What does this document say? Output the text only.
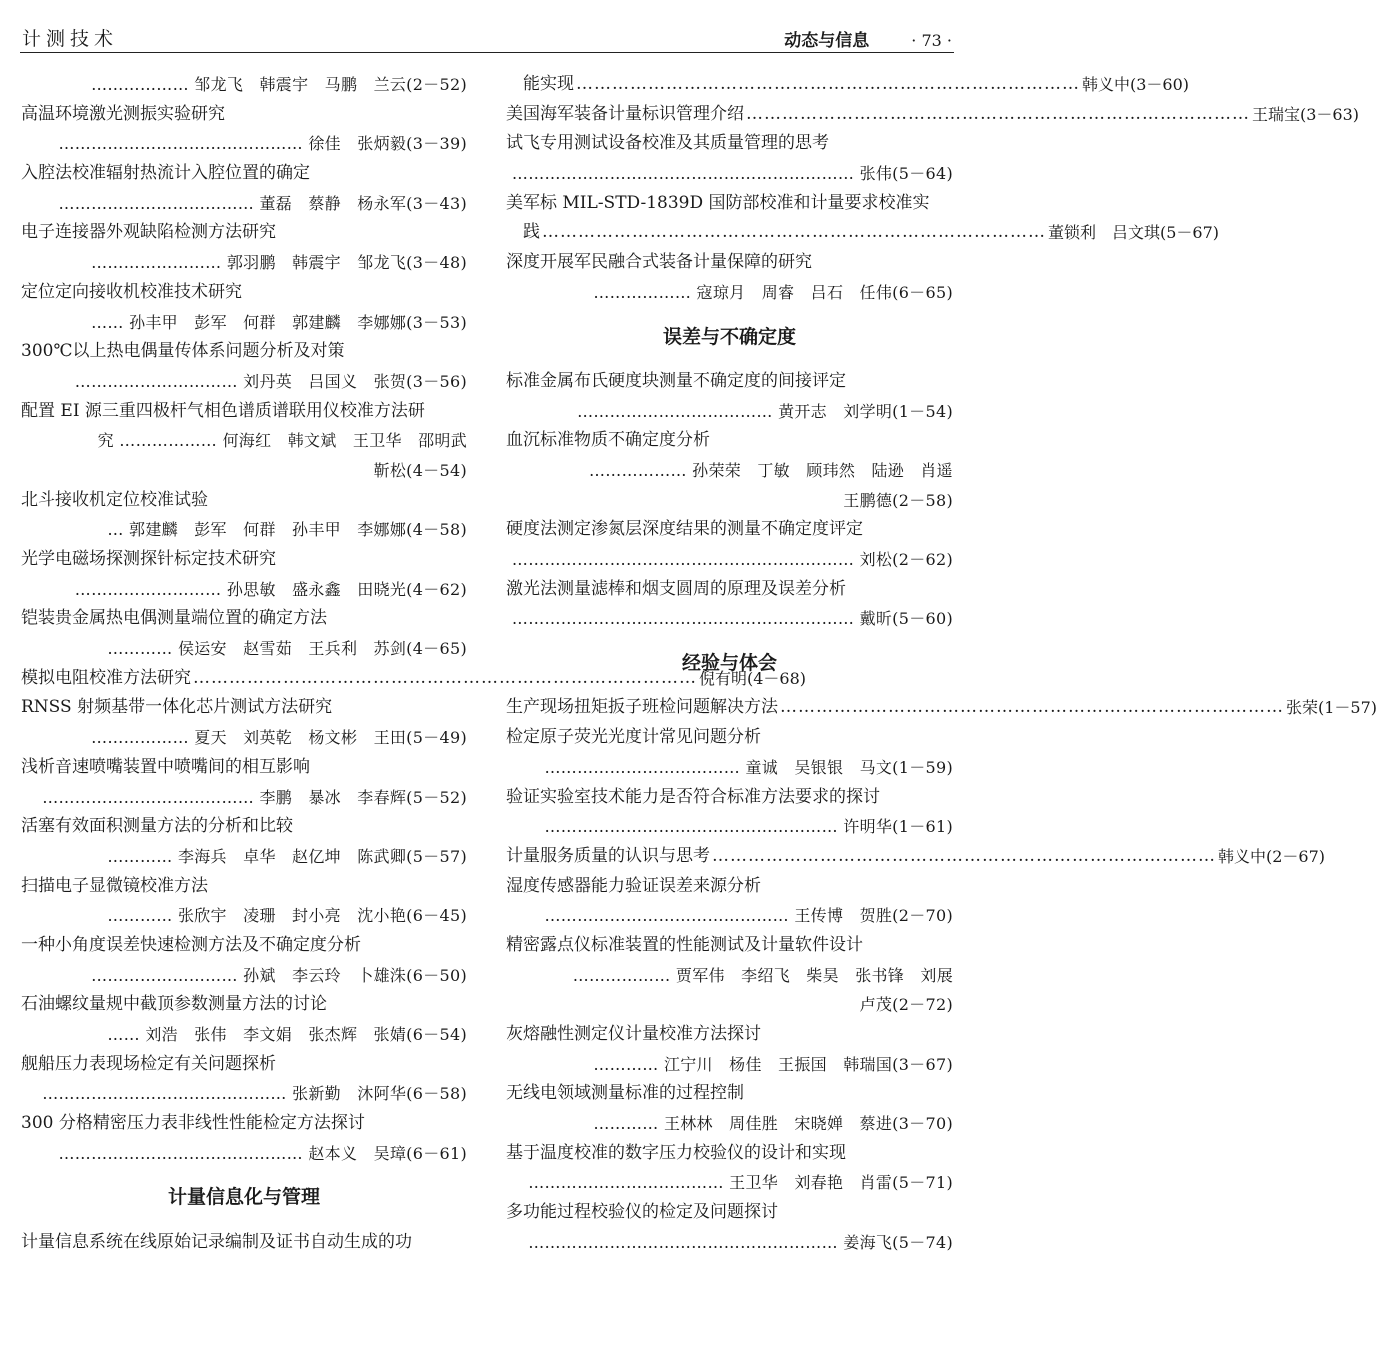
计测技术	动态与信息	· 73 ·
……………… 邹龙飞　韩震宇　马鹏　兰云(2－52)
高温环境激光测振实验研究
……………………………………… 徐佳　张炳毅(3－39)
入腔法校准辐射热流计入腔位置的确定
……………………………… 董磊　蔡静　杨永军(3－43)
电子连接器外观缺陷检测方法研究
…………………… 郭羽鹏　韩震宇　邹龙飞(3－48)
定位定向接收机校准技术研究
…… 孙丰甲　彭军　何群　郭建麟　李娜娜(3－53)
300℃以上热电偶量传体系问题分析及对策
………………………… 刘丹英　吕国义　张贺(3－56)
配置 EI 源三重四极杆气相色谱质谱联用仪校准方法研
究 ……………… 何海红　韩文斌　王卫华　邵明武
靳松(4－54)
北斗接收机定位校准试验
… 郭建麟　彭军　何群　孙丰甲　李娜娜(4－58)
光学电磁场探测探针标定技术研究
……………………… 孙思敏　盛永鑫　田晓光(4－62)
铠装贵金属热电偶测量端位置的确定方法
………… 侯运安　赵雪茹　王兵利　苏剑(4－65)
模拟电阻校准方法研究 ………………………………………………………………………… 倪有明(4－68)
RNSS 射频基带一体化芯片测试方法研究
……………… 夏天　刘英乾　杨文彬　王田(5－49)
浅析音速喷嘴装置中喷嘴间的相互影响
………………………………… 李鹏　暴冰　李春辉(5－52)
活塞有效面积测量方法的分析和比较
………… 李海兵　卓华　赵亿坤　陈武卿(5－57)
扫描电子显微镜校准方法
………… 张欣宇　凌珊　封小亮　沈小艳(6－45)
一种小角度误差快速检测方法及不确定度分析
……………………… 孙斌　李云玲　卜雄洙(6－50)
石油螺纹量规中截顶参数测量方法的讨论
…… 刘浩　张伟　李文娟　张杰辉　张婧(6－54)
舰船压力表现场检定有关问题探析
……………………………………… 张新勤　沐阿华(6－58)
300 分格精密压力表非线性性能检定方法探讨
……………………………………… 赵本义　吴璋(6－61)
计量信息化与管理
计量信息系统在线原始记录编制及证书自动生成的功
　能实现 ………………………………………………………………………… 韩义中(3－60)
美国海军装备计量标识管理介绍 ………………………………………………………………………… 王瑞宝(3－63)
试飞专用测试设备校准及其质量管理的思考
……………………………………………………… 张伟(5－64)
美军标 MIL-STD-1839D 国防部校准和计量要求校准实
　践 ………………………………………………………………………… 董锁利　吕文琪(5－67)
深度开展军民融合式装备计量保障的研究
……………… 寇琼月　周睿　吕石　任伟(6－65)
误差与不确定度
标准金属布氏硬度块测量不确定度的间接评定
……………………………… 黄开志　刘学明(1－54)
血沉标准物质不确定度分析
……………… 孙荣荣　丁敏　顾玮然　陆逊　肖遥
王鹏德(2－58)
硬度法测定渗氮层深度结果的测量不确定度评定
……………………………………………………… 刘松(2－62)
激光法测量滤棒和烟支圆周的原理及误差分析
……………………………………………………… 戴昕(5－60)
经验与体会
生产现场扭矩扳子班检问题解决方法 ………………………………………………………………………… 张荣(1－57)
检定原子荧光光度计常见问题分析
……………………………… 童诚　吴银银　马文(1－59)
验证实验室技术能力是否符合标准方法要求的探讨
……………………………………………… 许明华(1－61)
计量服务质量的认识与思考 ………………………………………………………………………… 韩义中(2－67)
湿度传感器能力验证误差来源分析
……………………………………… 王传博　贺胜(2－70)
精密露点仪标准装置的性能测试及计量软件设计
……………… 贾军伟　李绍飞　柴昊　张书锋　刘展
卢茂(2－72)
灰熔融性测定仪计量校准方法探讨
………… 江宁川　杨佳　王振国　韩瑞国(3－67)
无线电领域测量标准的过程控制
………… 王林林　周佳胜　宋晓婵　蔡进(3－70)
基于温度校准的数字压力校验仪的设计和实现
……………………………… 王卫华　刘春艳　肖雷(5－71)
多功能过程校验仪的检定及问题探讨
………………………………………………… 姜海飞(5－74)
